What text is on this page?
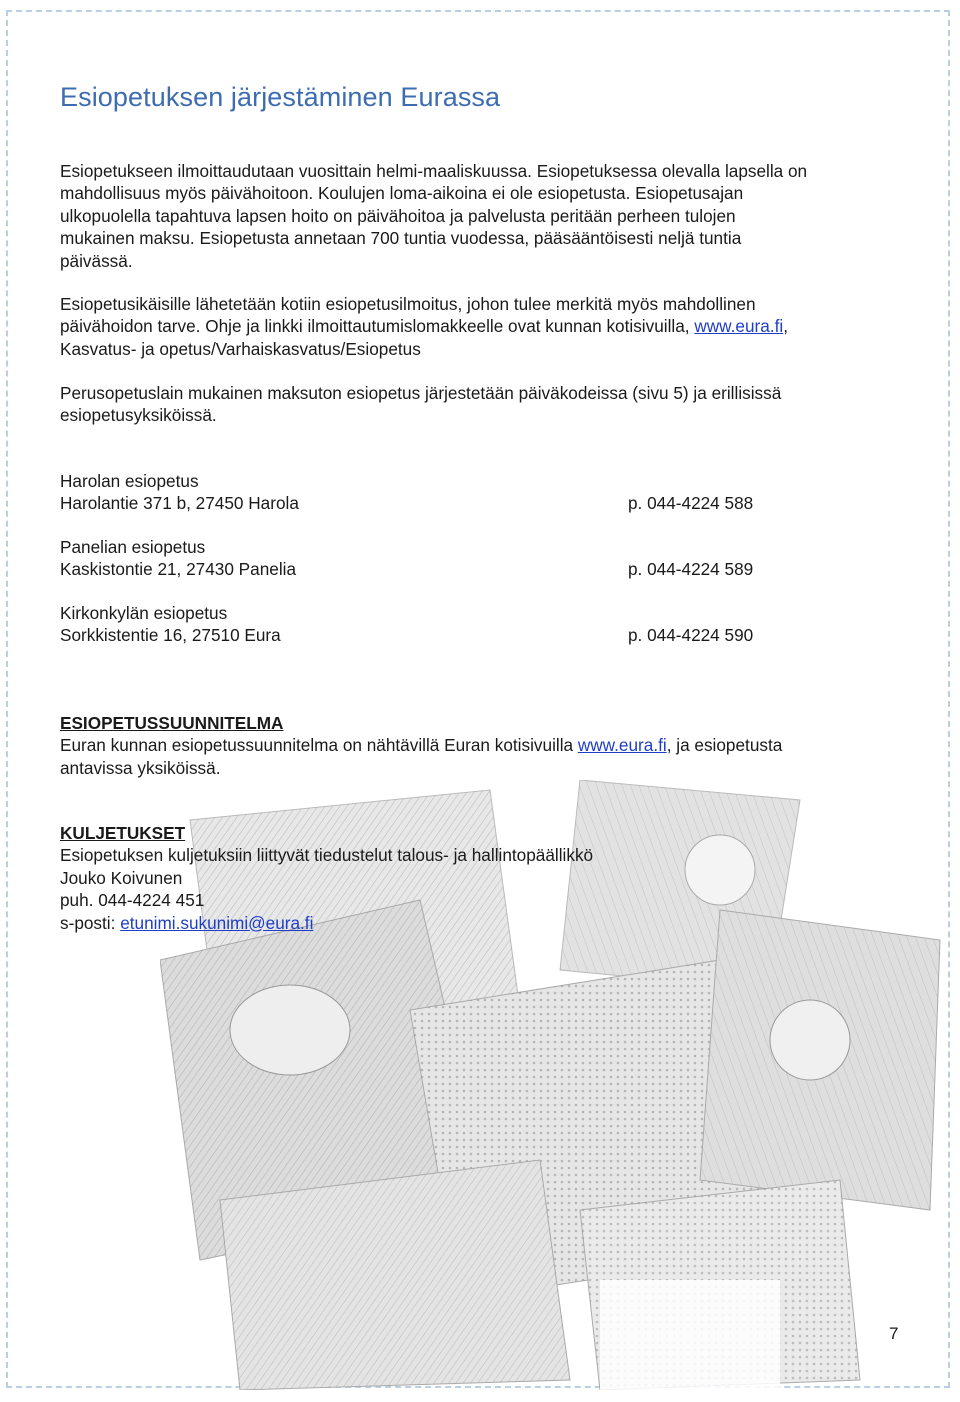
Esiopetuksen järjestäminen Eurassa

Esiopetukseen ilmoittaudutaan vuosittain helmi-maaliskuussa. Esiopetuksessa olevalla lapsella on

mahdollisuus myös päivähoitoon. Koulujen loma-aikoina ei ole esiopetusta. Esiopetusajan

ulkopuolella tapahtuva lapsen hoito on päivähoitoa ja palvelusta peritään perheen tulojen

mukainen maksu. Esiopetusta annetaan 700 tuntia vuodessa, pääsääntöisesti neljä tuntia

päivässä.

Esiopetusikäisille lähetetään kotiin esiopetusilmoitus, johon tulee merkitä myös mahdollinen

päivähoidon tarve. Ohje ja linkki ilmoittautumislomakkeelle ovat kunnan kotisivuilla, www.eura.fi,

Kasvatus- ja opetus/Varhaiskasvatus/Esiopetus

Perusopetuslain mukainen maksuton esiopetus järjestetään päiväkodeissa (sivu 5) ja erillisissä

esiopetusyksiköissä.

Harolan esiopetus

Harolantie 371 b, 27450 Harola	p. 044-4224 588

Panelian esiopetus

Kaskistontie 21, 27430 Panelia	p. 044-4224 589

Kirkonkylän esiopetus

Sorkkistentie 16, 27510 Eura	p. 044-4224 590

ESIOPETUSSUUNNITELMA

Euran kunnan esiopetussuunnitelma on nähtävillä Euran kotisivuilla www.eura.fi, ja esiopetusta

antavissa yksiköissä.

KULJETUKSET

Esiopetuksen kuljetuksiin liittyvät tiedustelut talous- ja hallintopäällikkö

Jouko Koivunen

puh. 044-4224 451

s-posti: etunimi.sukunimi@eura.fi

7
